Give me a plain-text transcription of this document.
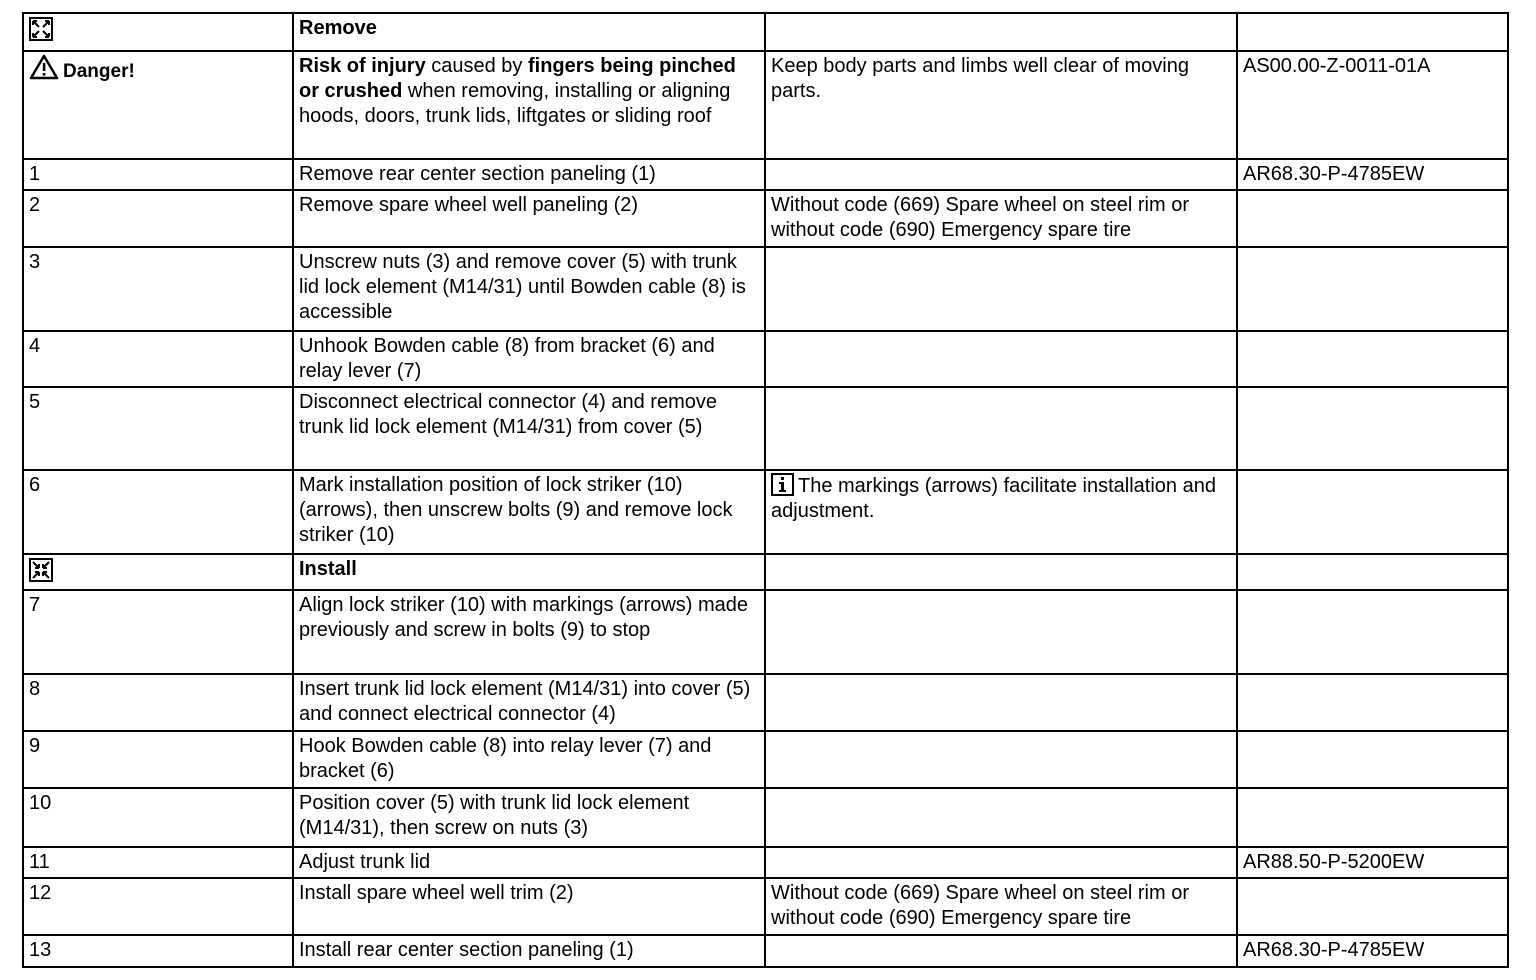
	Remove		
Danger!	Risk of injury caused by fingers being pinched or crushed when removing, installing or aligning hoods, doors, trunk lids, liftgates or sliding roof	Keep body parts and limbs well clear of moving parts.	AS00.00-Z-0011-01A
1	Remove rear center section paneling (1)		AR68.30-P-4785EW
2	Remove spare wheel well paneling (2)	Without code (669) Spare wheel on steel rim or without code (690) Emergency spare tire	
3	Unscrew nuts (3) and remove cover (5) with trunk lid lock element (M14/31) until Bowden cable (8) is accessible		
4	Unhook Bowden cable (8) from bracket (6) and relay lever (7)		
5	Disconnect electrical connector (4) and remove trunk lid lock element (M14/31) from cover (5)		
6	Mark installation position of lock striker (10) (arrows), then unscrew bolts (9) and remove lock striker (10)	The markings (arrows) facilitate installation and adjustment.	
	Install		
7	Align lock striker (10) with markings (arrows) made previously and screw in bolts (9) to stop		
8	Insert trunk lid lock element (M14/31) into cover (5) and connect electrical connector (4)		
9	Hook Bowden cable (8) into relay lever (7) and bracket (6)		
10	Position cover (5) with trunk lid lock element (M14/31), then screw on nuts (3)		
11	Adjust trunk lid		AR88.50-P-5200EW
12	Install spare wheel well trim (2)	Without code (669) Spare wheel on steel rim or without code (690) Emergency spare tire	
13	Install rear center section paneling (1)		AR68.30-P-4785EW
